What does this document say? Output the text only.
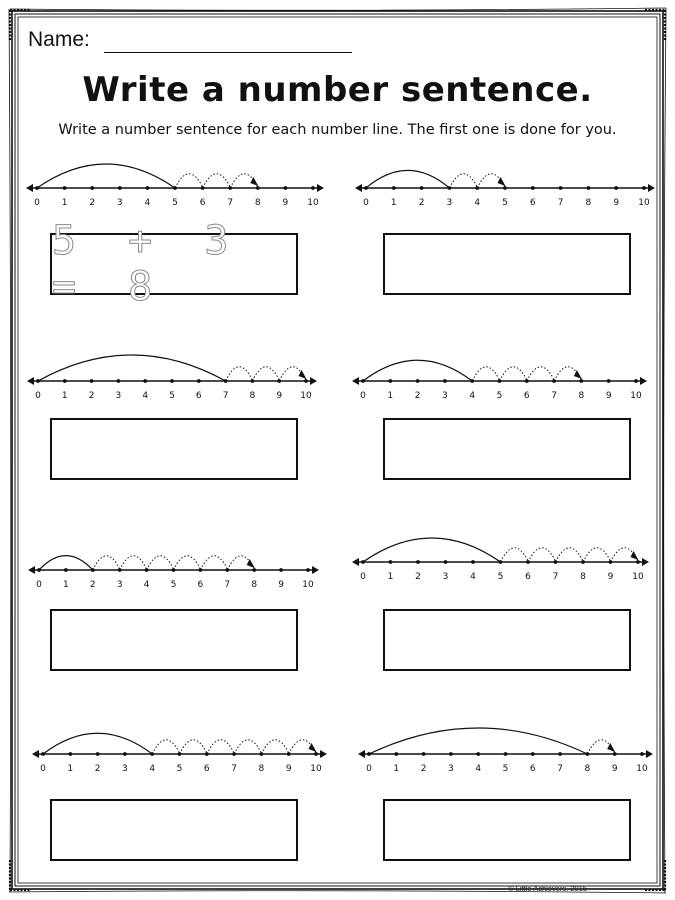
Name:
Write a number sentence.
Write a number sentence for each number line. The first one is done for you.
0 1 2 3 4 5 6 7 8 9 10
5 + 3 = 8
0 1 2 3 4 5 6 7 8 9 10
0 1 2 3 4 5 6 7 8 9 10	0 1 2 3 4 5 6 7 8 9 10
0 1 2 3 4 5 6 7 8 9 10
0 1 2 3 4 5 6 7 8 9 10
0 1 2 3 4 5 6 7 8 9 10	0 1 2 3 4 5 6 7 8 9 10
© Little Achievers, 2015
